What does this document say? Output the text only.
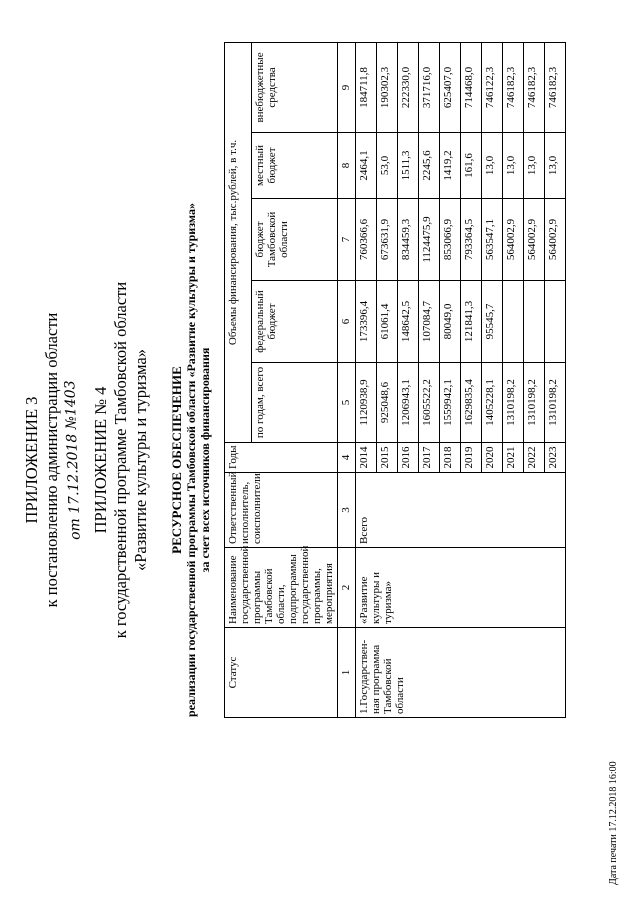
ПРИЛОЖЕНИЕ 3 к постановлению администрации области от 17.12.2018 №1403 ПРИЛОЖЕНИЕ № 4 к государственной программе Тамбовской области «Развитие культуры и туризма» РЕСУРСНОЕ ОБЕСПЕЧЕНИЕ реализации государственной программы Тамбовской области «Развитие культуры и туризма» за счет всех источников финансирования
Статус	Наименование государственной программы Тамбовской области, подпрограммы государственной программы, мероприятия	Ответственный исполнитель, соисполнители	Годы	Объемы финансирования, тыс.рублей, в т.ч.				
				по годам, всего	федеральный бюджет	бюджет Тамбовской области	местный бюджет	внебюджетные средства
1	2	3	4	5	6	7	8	9
1.Государствен-ная программа Тамбовской области	«Развитие культуры и туризма»	Всего	2014	1120938,9	173396,4	760366,6	2464,1	184711,8
			2015	925048,6	61061,4	673631,9	53,0	190302,3
			2016	1206943,1	148642,5	834459,3	1511,3	222330,0
			2017	1605522,2	107084,7	1124475,9	2245,6	371716,0
			2018	1559942,1	80049,0	853066,9	1419,2	625407,0
			2019	1629835,4	121841,3	793364,5	161,6	714468,0
			2020	1405228,1	95545,7	563547,1	13,0	746122,3
			2021	1310198,2		564002,9	13,0	746182,3
			2022	1310198,2		564002,9	13,0	746182,3
			2023	1310198,2		564002,9	13,0	746182,3
Дата печати 17.12.2018 16:00
